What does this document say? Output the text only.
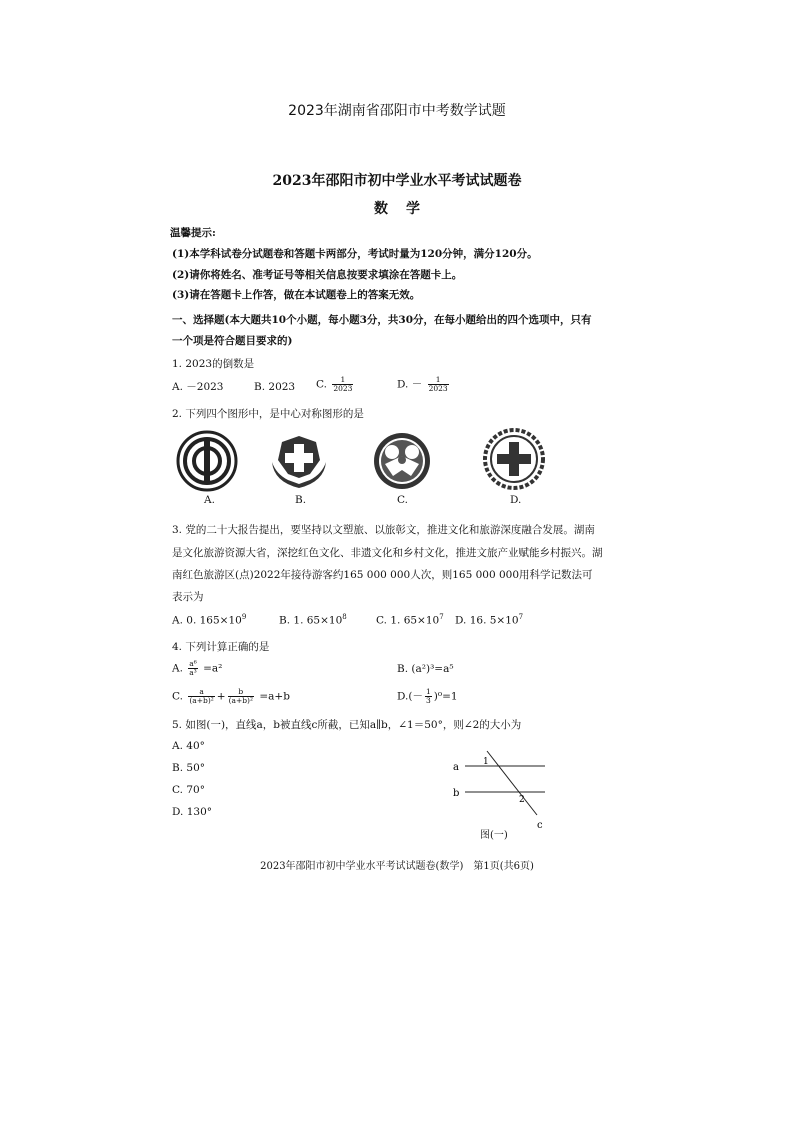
2023年湖南省邵阳市中考数学试题
2023年邵阳市初中学业水平考试试题卷
数学
温馨提示:
(1)本学科试卷分试题卷和答题卡两部分，考试时量为120分钟，满分120分。
(2)请你将姓名、准考证号等相关信息按要求填涂在答题卡上。
(3)请在答题卡上作答，做在本试题卷上的答案无效。
一、选择题(本大题共10个小题，每小题3分，共30分，在每小题给出的四个选项中，只有
一个项是符合题目要求的)
1. 2023的倒数是
A. －2023	B. 2023 C. $\frac{1}{2023}$	D. － $\frac{1}{2023}$
2. 下列四个图形中，是中心对称图形的是
A.	B.	C.	D.
3. 党的二十大报告提出，要坚持以文塑旅、以旅彰文，推进文化和旅游深度融合发展。湖南
是文化旅游资源大省，深挖红色文化、非遗文化和乡村文化，推进文旅产业赋能乡村振兴。湖
南红色旅游区(点)2022年接待游客约165 000 000人次，则165 000 000用科学记数法可
表示为
A. 0. $165\times 10^9$	B. 1. $65\times 10^8$	C. 1. $65\times 10^7$ D. 16. $5\times 10^7$
4. 下列计算正确的是
A. $\frac{\text{a⁶}}{\text{a³}} =a^2$	B. (a²)³=a⁵
C. $\frac{a}{\text{(a+b)²}} + \frac{b}{\text{(a+b)²}} =a+b$	$D.(- \frac{1}{3} )^0=1$
5. 如图(一)，直线a，b被直线c所截，已知a∥b，∠1＝50°，则∠2的大小为
A. 40°
B. 50°
C. 70°
D. 130°
a
b
1
2
c
图(一)
2023年邵阳市初中学业水平考试试题卷(数学)　第1页(共6页)
